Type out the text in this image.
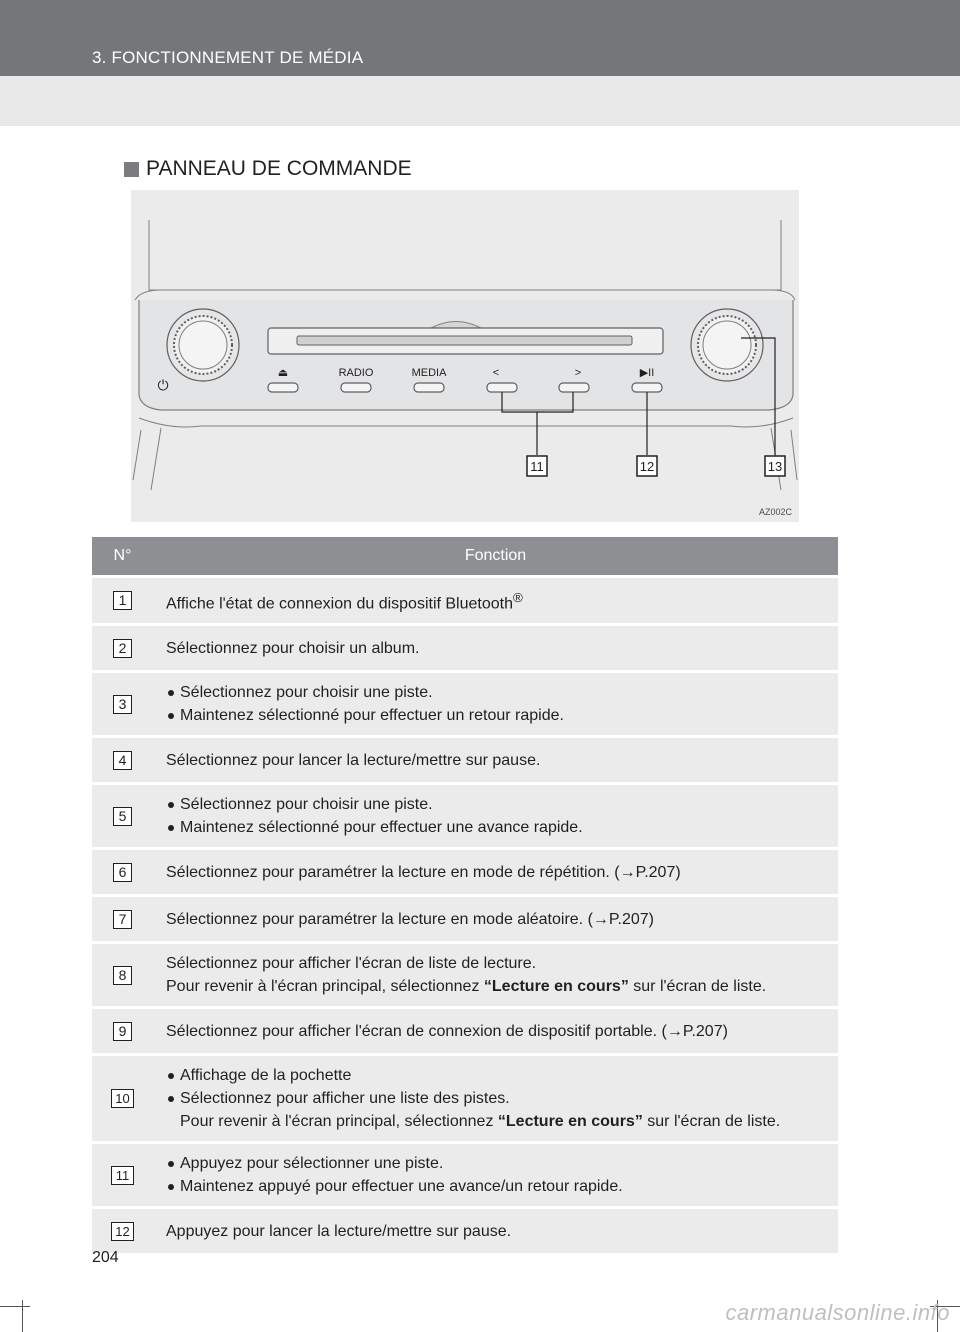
3. FONCTIONNEMENT DE MÉDIA
PANNEAU DE COMMANDE
⏏	RADIO	MEDIA	<	>	▶II
⏻
11	12	13
AZ002C
N°	Fonction
1	Affiche l'état de connexion du dispositif Bluetooth®
2	Sélectionnez pour choisir un album.
3	Sélectionnez pour choisir une piste.
Maintenez sélectionné pour effectuer un retour rapide.

4	Sélectionnez pour lancer la lecture/mettre sur pause.
5	Sélectionnez pour choisir une piste.
Maintenez sélectionné pour effectuer une avance rapide.

6	Sélectionnez pour paramétrer la lecture en mode de répétition. (→P.207)
7	Sélectionnez pour paramétrer la lecture en mode aléatoire. (→P.207)
8	Sélectionnez pour afficher l'écran de liste de lecture.
Pour revenir à l'écran principal, sélectionnez “Lecture en cours” sur l'écran de liste.

9	Sélectionnez pour afficher l'écran de connexion de dispositif portable. (→P.207)
10	Affichage de la pochette
Sélectionnez pour afficher une liste des pistes.
Pour revenir à l'écran principal, sélectionnez “Lecture en cours” sur l'écran de liste.

11	Appuyez pour sélectionner une piste.
Maintenez appuyé pour effectuer une avance/un retour rapide.

12	Appuyez pour lancer la lecture/mettre sur pause.
204
carmanualsonline.info
